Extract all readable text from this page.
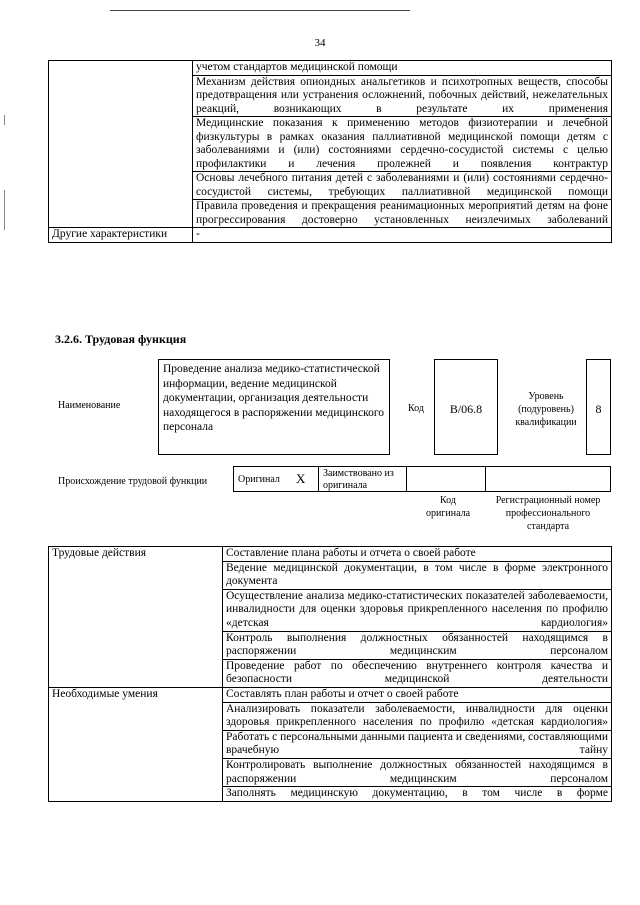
34
	учетом стандартов медицинской помощи
	Механизм действия опиоидных анальгетиков и психотропных веществ, способы предотвращения или устранения осложнений, побочных действий, нежелательных реакций, возникающих в результате их применения
	Медицинские показания к применению методов физиотерапии и лечебной физкультуры в рамках оказания паллиативной медицинской помощи детям с заболеваниями и (или) состояниями сердечно-сосудистой системы с целью профилактики и лечения пролежней и появления контрактур
	Основы лечебного питания детей с заболеваниями и (или) состояниями сердечно-сосудистой системы, требующих паллиативной медицинской помощи
	Правила проведения и прекращения реанимационных мероприятий детям на фоне прогрессирования достоверно установленных неизлечимых заболеваний
Другие характеристики	-
3.2.6. Трудовая функция
Наименование
Проведение анализа медико-статистической информации, ведение медицинской документации, организация деятельности находящегося в распоряжении медицинского персонала
Код	В/06.8
Уровень (подуровень) квалификации
8
Происхождение трудовой функции	Оригинал X Заимствовано из оригинала
Код оригинала
Регистрационный номер профессионального стандарта
Трудовые действия	Составление плана работы и отчета о своей работе
	Ведение медицинской документации, в том числе в форме электронного документа
	Осуществление анализа медико-статистических показателей заболеваемости, инвалидности для оценки здоровья прикрепленного населения по профилю «детская кардиология»
	Контроль выполнения должностных обязанностей находящимся в распоряжении медицинским персоналом
	Проведение работ по обеспечению внутреннего контроля качества и безопасности медицинской деятельности
Необходимые умения	Составлять план работы и отчет о своей работе
	Анализировать показатели заболеваемости, инвалидности для оценки здоровья прикрепленного населения по профилю «детская кардиология»
	Работать с персональными данными пациента и сведениями, составляющими врачебную тайну
	Контролировать выполнение должностных обязанностей находящимся в распоряжении медицинским персоналом
	Заполнять медицинскую документацию, в том числе в форме
